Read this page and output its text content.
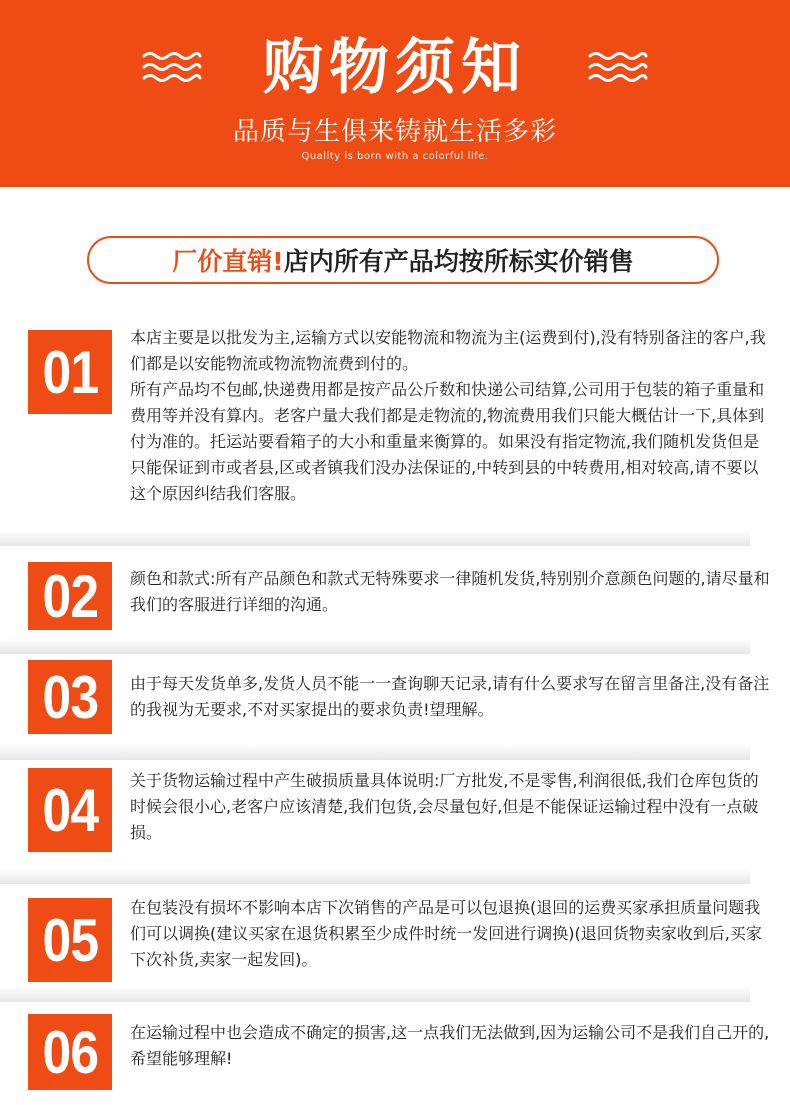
购物须知
品质与生俱来铸就生活多彩
Quality is born with a colorful life.
厂价直销! 店内所有产品均按所标实价销售
01

本店主要是以批发为主,运输方式以安能物流和物流为主(运费到付),没有特别备注的客户,我们都是以安能物流或物流物流费到付的。

所有产品均不包邮,快递费用都是按产品公斤数和快递公司结算,公司用于包装的箱子重量和费用等并没有算内。老客户量大我们都是走物流的,物流费用我们只能大概估计一下,具体到付为准的。托运站要看箱子的大小和重量来衡算的。如果没有指定物流,我们随机发货但是只能保证到市或者县,区或者镇我们没办法保证的,中转到县的中转费用,相对较高,请不要以这个原因纠结我们客服。

02 颜色和款式:所有产品颜色和款式无特殊要求一律随机发货,特别别介意颜色问题的,请尽量和我们的客服进行详细的沟通。

03 由于每天发货单多,发货人员不能一一查询聊天记录,请有什么要求写在留言里备注,没有备注的我视为无要求,不对买家提出的要求负责!望理解。

04 关于货物运输过程中产生破损质量具体说明:厂方批发,不是零售,利润很低,我们仓库包货的时候会很小心,老客户应该清楚,我们包货,会尽量包好,但是不能保证运输过程中没有一点破损。

05 在包装没有损坏不影响本店下次销售的产品是可以包退换(退回的运费买家承担质量问题我们可以调换(建议买家在退货积累至少成件时统一发回进行调换)(退回货物卖家收到后,买家下次补货,卖家一起发回)。

06 在运输过程中也会造成不确定的损害,这一点我们无法做到,因为运输公司不是我们自己开的,希望能够理解!
